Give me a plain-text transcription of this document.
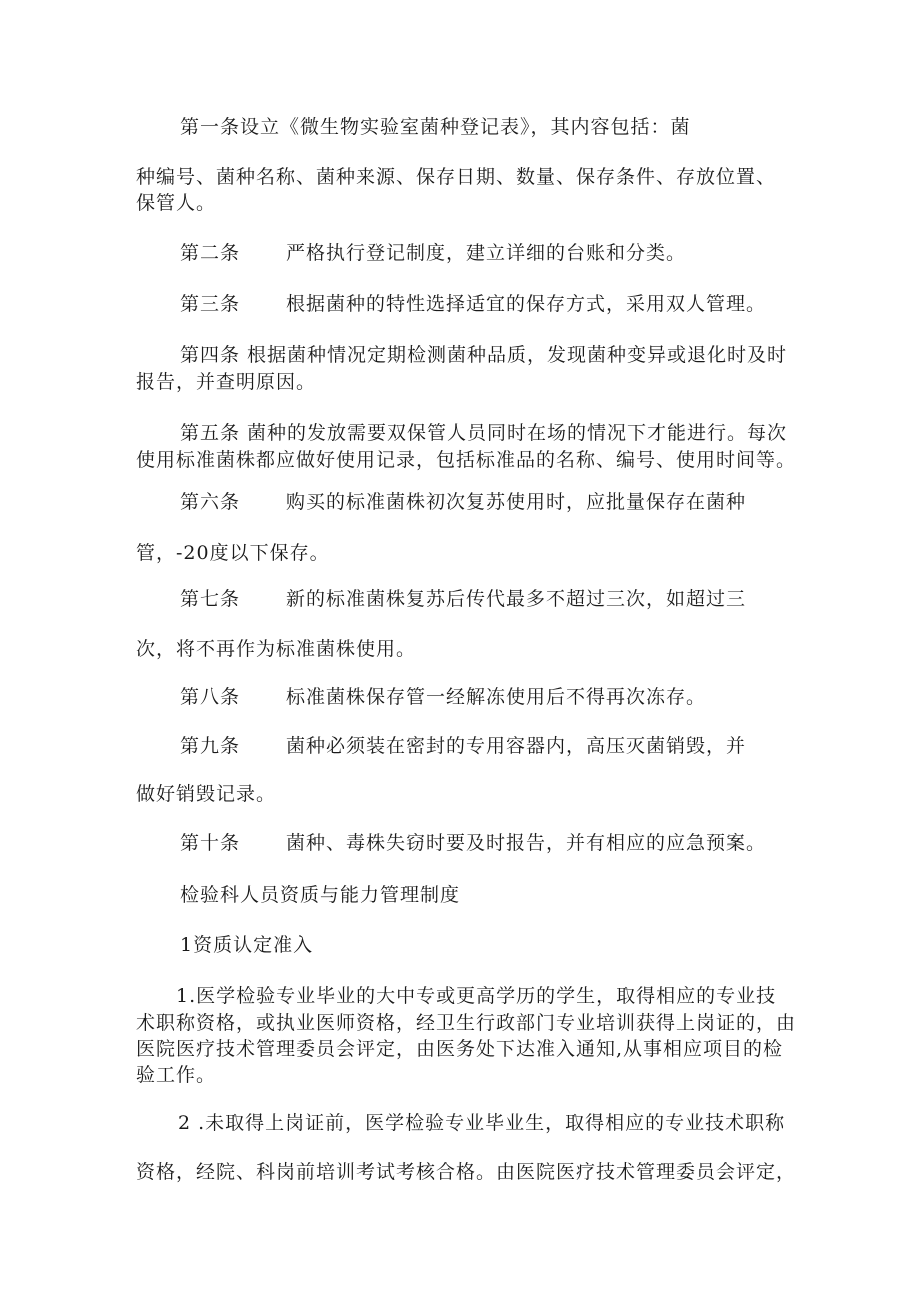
第一条设立《微生物实验室菌种登记表》，其内容包括：菌

种编号、菌种名称、菌种来源、保存日期、数量、保存条件、存放位置、

保管人。

第二条 严格执行登记制度，建立详细的台账和分类。

第三条 根据菌种的特性选择适宜的保存方式，采用双人管理。

第四条 根据菌种情况定期检测菌种品质，发现菌种变异或退化时及时

报告，并查明原因。

第五条 菌种的发放需要双保管人员同时在场的情况下才能进行。每次

使用标准菌株都应做好使用记录，包括标准品的名称、编号、使用时间等。

第六条 购买的标准菌株初次复苏使用时，应批量保存在菌种

管，-20度以下保存。

第七条 新的标准菌株复苏后传代最多不超过三次，如超过三

次，将不再作为标准菌株使用。

第八条 标准菌株保存管一经解冻使用后不得再次冻存。

第九条 菌种必须装在密封的专用容器内，高压灭菌销毁，并

做好销毁记录。

第十条 菌种、毒株失窃时要及时报告，并有相应的应急预案。

检验科人员资质与能力管理制度

1资质认定准入

1.医学检验专业毕业的大中专或更高学历的学生，取得相应的专业技

术职称资格，或执业医师资格，经卫生行政部门专业培训获得上岗证的，由

医院医疗技术管理委员会评定，由医务处下达准入通知,从事相应项目的检

验工作。

2 .未取得上岗证前，医学检验专业毕业生，取得相应的专业技术职称

资格，经院、科岗前培训考试考核合格。由医院医疗技术管理委员会评定，
